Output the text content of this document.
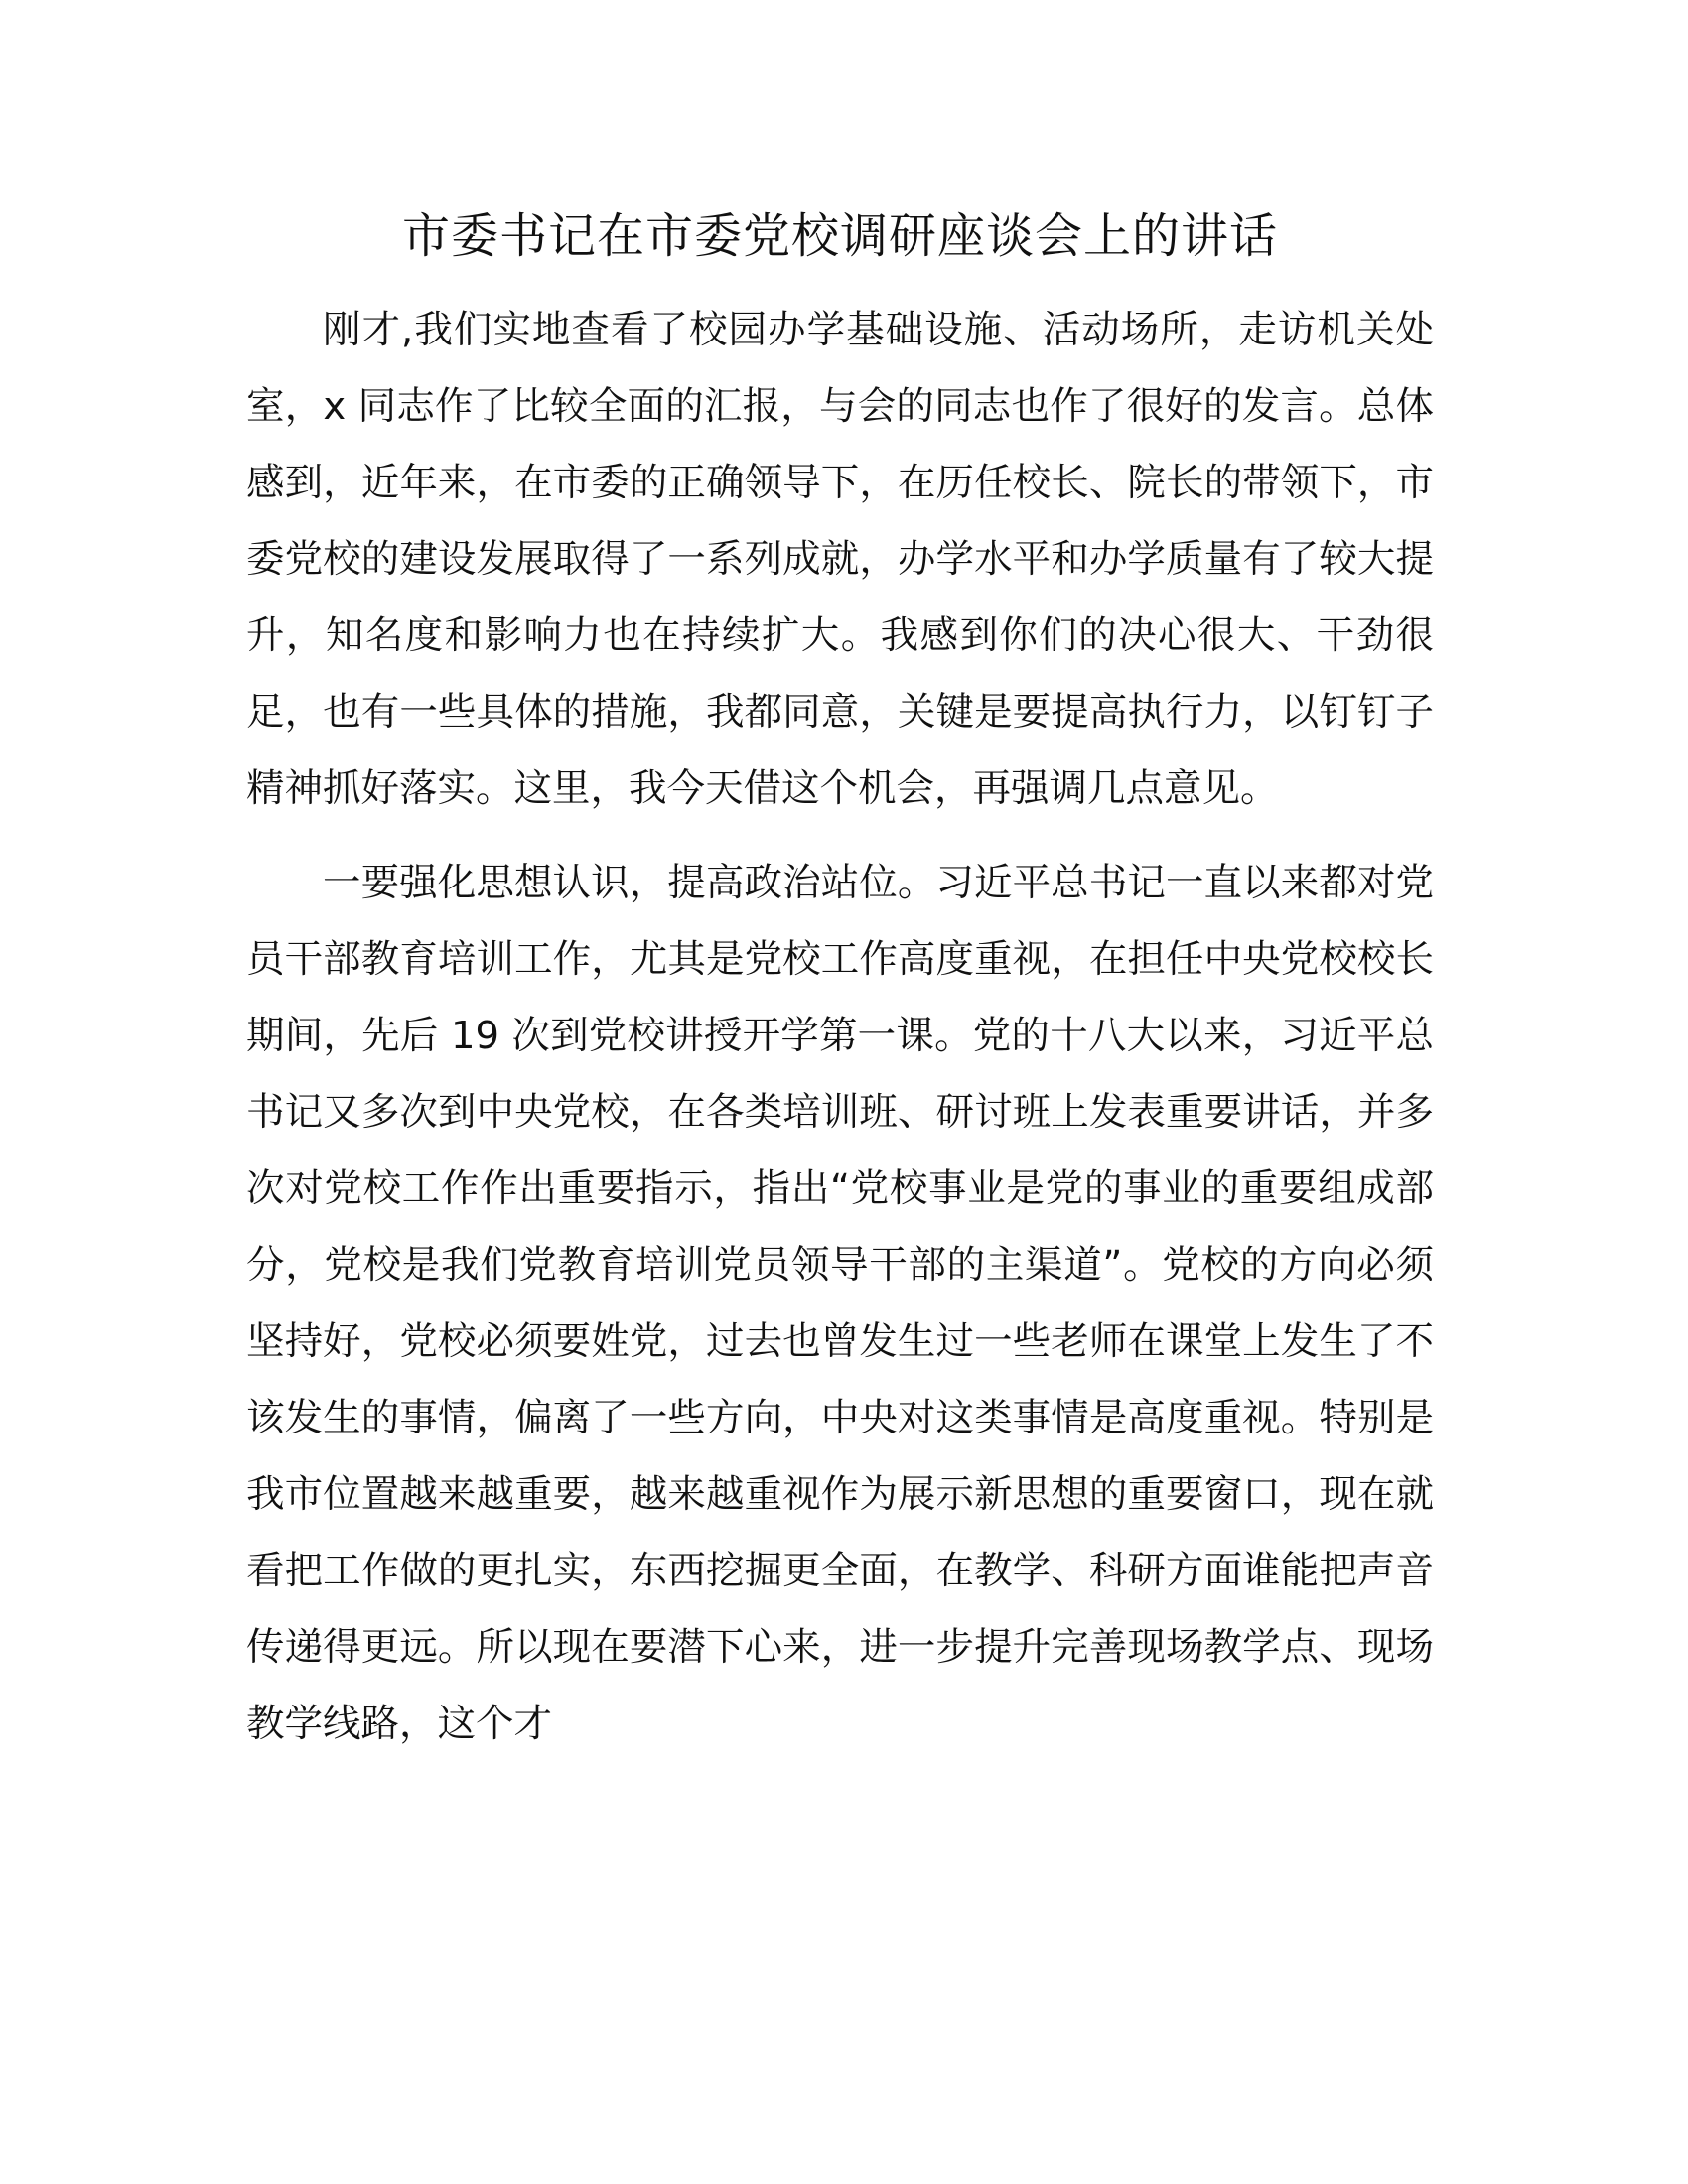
市委书记在市委党校调研座谈会上的讲话

刚才,我们实地查看了校园办学基础设施、活动场所，走访机关处室，x 同志作了比较全面的汇报，与会的同志也作了很好的发言。总体感到，近年来，在市委的正确领导下，在历任校长、院长的带领下，市委党校的建设发展取得了一系列成就，办学水平和办学质量有了较大提升，知名度和影响力也在持续扩大。我感到你们的决心很大、干劲很足，也有一些具体的措施，我都同意，关键是要提高执行力，以钉钉子精神抓好落实。这里，我今天借这个机会，再强调几点意见。

一要强化思想认识，提高政治站位。习近平总书记一直以来都对党员干部教育培训工作，尤其是党校工作高度重视，在担任中央党校校长期间，先后 19 次到党校讲授开学第一课。党的十八大以来，习近平总书记又多次到中央党校，在各类培训班、研讨班上发表重要讲话，并多次对党校工作作出重要指示，指出“党校事业是党的事业的重要组成部分，党校是我们党教育培训党员领导干部的主渠道”。党校的方向必须坚持好，党校必须要姓党，过去也曾发生过一些老师在课堂上发生了不该发生的事情，偏离了一些方向，中央对这类事情是高度重视。特别是我市位置越来越重要，越来越重视作为展示新思想的重要窗口，现在就看把工作做的更扎实，东西挖掘更全面，在教学、科研方面谁能把声音传递得更远。所以现在要潜下心来，进一步提升完善现场教学点、现场教学线路，这个才
